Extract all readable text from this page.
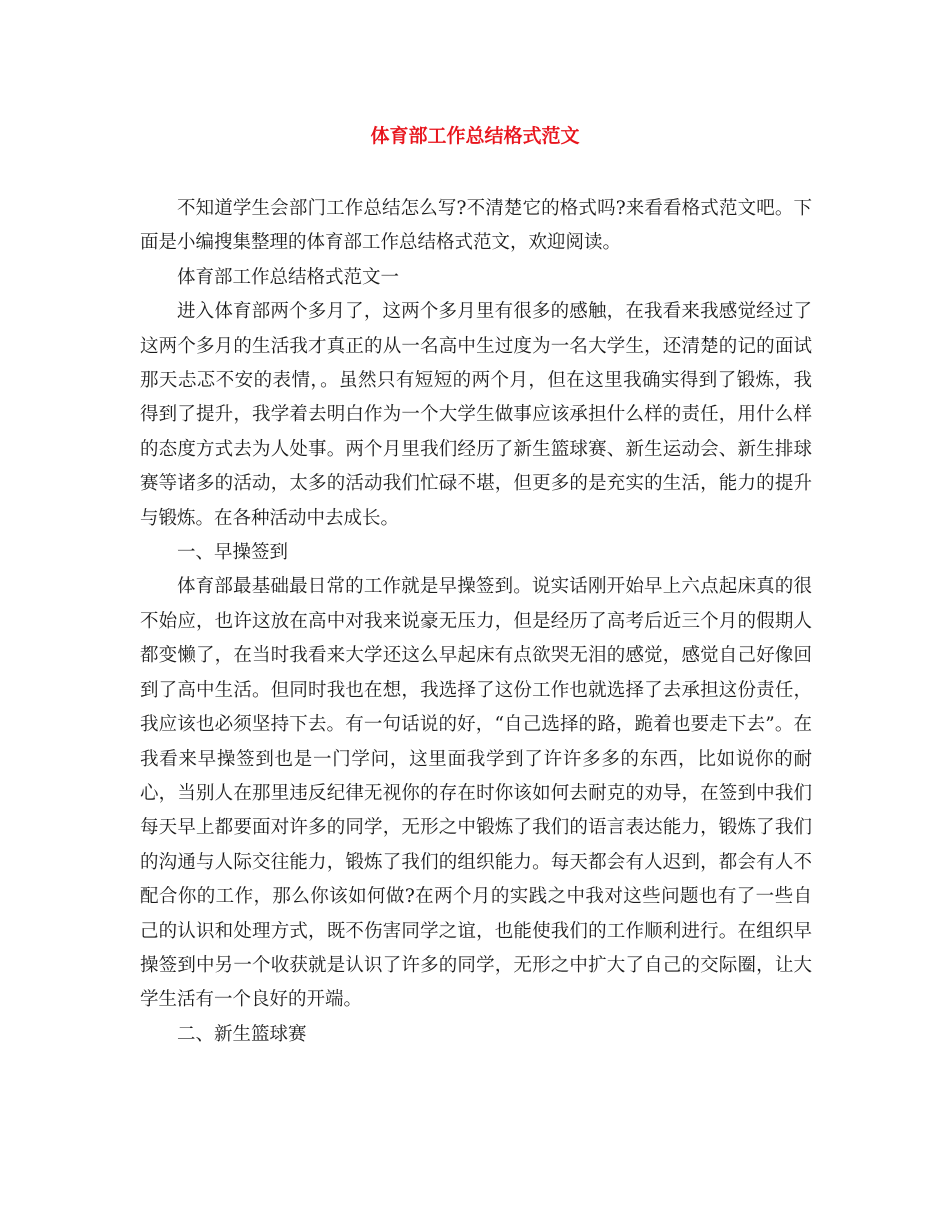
体育部工作总结格式范文

不知道学生会部门工作总结怎么写?不清楚它的格式吗?来看看格式范文吧。下面是小编搜集整理的体育部工作总结格式范文，欢迎阅读。

体育部工作总结格式范文一

进入体育部两个多月了，这两个多月里有很多的感触，在我看来我感觉经过了这两个多月的生活我才真正的从一名高中生过度为一名大学生，还清楚的记的面试那天忐忑不安的表情，。虽然只有短短的两个月，但在这里我确实得到了锻炼，我得到了提升，我学着去明白作为一个大学生做事应该承担什么样的责任，用什么样的态度方式去为人处事。两个月里我们经历了新生篮球赛、新生运动会、新生排球赛等诸多的活动，太多的活动我们忙碌不堪，但更多的是充实的生活，能力的提升与锻炼。在各种活动中去成长。

一、早操签到

体育部最基础最日常的工作就是早操签到。说实话刚开始早上六点起床真的很不始应，也许这放在高中对我来说豪无压力，但是经历了高考后近三个月的假期人都变懒了，在当时我看来大学还这么早起床有点欲哭无泪的感觉，感觉自己好像回到了高中生活。但同时我也在想，我选择了这份工作也就选择了去承担这份责任，我应该也必须坚持下去。有一句话说的好，“自己选择的路，跪着也要走下去”。在我看来早操签到也是一门学问，这里面我学到了许许多多的东西，比如说你的耐心，当别人在那里违反纪律无视你的存在时你该如何去耐克的劝导，在签到中我们每天早上都要面对许多的同学，无形之中锻炼了我们的语言表达能力，锻炼了我们的沟通与人际交往能力，锻炼了我们的组织能力。每天都会有人迟到，都会有人不配合你的工作，那么你该如何做?在两个月的实践之中我对这些问题也有了一些自己的认识和处理方式，既不伤害同学之谊，也能使我们的工作顺利进行。在组织早操签到中另一个收获就是认识了许多的同学，无形之中扩大了自己的交际圈，让大学生活有一个良好的开端。

二、新生篮球赛
